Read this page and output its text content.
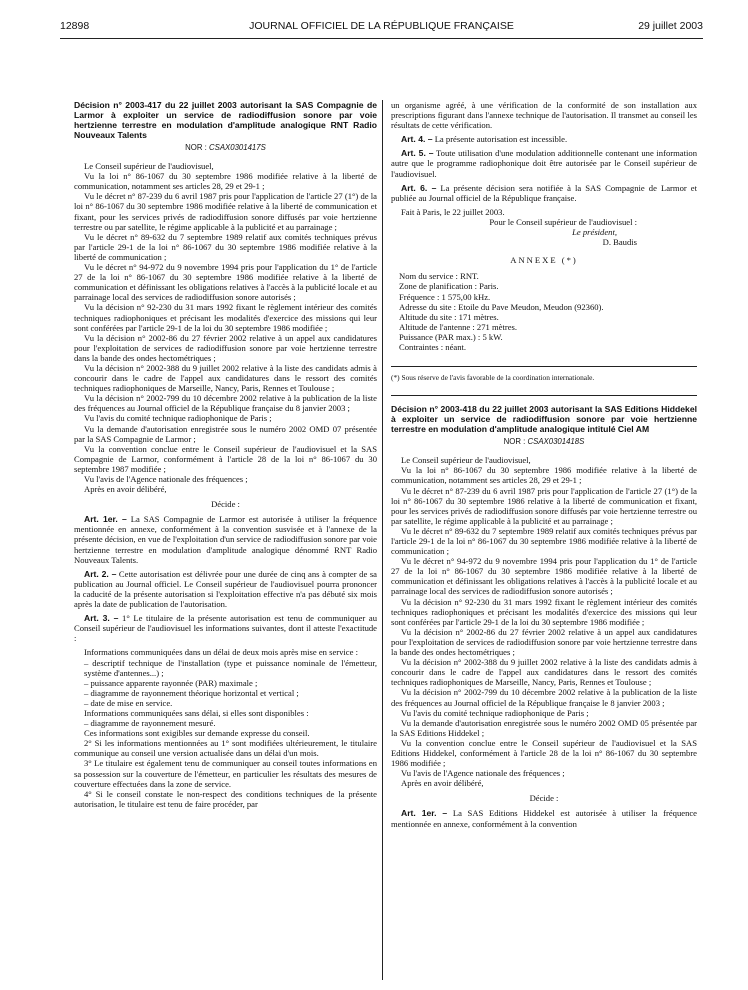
12898	JOURNAL OFFICIEL DE LA RÉPUBLIQUE FRANÇAISE	29 juillet 2003

Décision n° 2003-417 du 22 juillet 2003 autorisant la SAS Compagnie de Larmor à exploiter un service de radiodiffusion sonore par voie hertzienne terrestre en modulation d'amplitude analogique RNT Radio Nouveaux Talents

NOR : CSAX0301417S

Le Conseil supérieur de l'audiovisuel,

Vu la loi n° 86-1067 du 30 septembre 1986 modifiée relative à la liberté de communication, notamment ses articles 28, 29 et 29-1 ;

Vu le décret n° 87-239 du 6 avril 1987 pris pour l'application de l'article 27 (1°) de la loi n° 86-1067 du 30 septembre 1986 modifiée relative à la liberté de communication et fixant, pour les services privés de radiodiffusion sonore diffusés par voie hertzienne terrestre ou par satellite, le régime applicable à la publicité et au parrainage ;

Vu le décret n° 89-632 du 7 septembre 1989 relatif aux comités techniques prévus par l'article 29-1 de la loi n° 86-1067 du 30 septembre 1986 modifiée relative à la liberté de communication ;

Vu le décret n° 94-972 du 9 novembre 1994 pris pour l'application du 1° de l'article 27 de la loi n° 86-1067 du 30 septembre 1986 modifiée relative à la liberté de communication et définissant les obligations relatives à l'accès à la publicité locale et au parrainage local des services de radiodiffusion sonore autorisés ;

Vu la décision n° 92-230 du 31 mars 1992 fixant le règlement intérieur des comités techniques radiophoniques et précisant les modalités d'exercice des missions qui leur sont conférées par l'article 29-1 de la loi du 30 septembre 1986 modifiée ;

Vu la décision n° 2002-86 du 27 février 2002 relative à un appel aux candidatures pour l'exploitation de services de radiodiffusion sonore par voie hertzienne terrestre dans la bande des ondes hectométriques ;

Vu la décision n° 2002-388 du 9 juillet 2002 relative à la liste des candidats admis à concourir dans le cadre de l'appel aux candidatures dans le ressort des comités techniques radiophoniques de Marseille, Nancy, Paris, Rennes et Toulouse ;

Vu la décision n° 2002-799 du 10 décembre 2002 relative à la publication de la liste des fréquences au Journal officiel de la République française du 8 janvier 2003 ;

Vu l'avis du comité technique radiophonique de Paris ;

Vu la demande d'autorisation enregistrée sous le numéro 2002 OMD 07 présentée par la SAS Compagnie de Larmor ;

Vu la convention conclue entre le Conseil supérieur de l'audiovisuel et la SAS Compagnie de Larmor, conformément à l'article 28 de la loi n° 86-1067 du 30 septembre 1987 modifiée ;

Vu l'avis de l'Agence nationale des fréquences ;

Après en avoir délibéré,

Décide :

Art. 1er. – La SAS Compagnie de Larmor est autorisée à utiliser la fréquence mentionnée en annexe, conformément à la convention susvisée et à l'annexe de la présente décision, en vue de l'exploitation d'un service de radiodiffusion sonore par voie hertzienne terrestre en modulation d'amplitude analogique dénommé RNT Radio Nouveaux Talents.

Art. 2. – Cette autorisation est délivrée pour une durée de cinq ans à compter de sa publication au Journal officiel. Le Conseil supérieur de l'audiovisuel pourra prononcer la caducité de la présente autorisation si l'exploitation effective n'a pas débuté six mois après la date de publication de l'autorisation.

Art. 3. – 1° Le titulaire de la présente autorisation est tenu de communiquer au Conseil supérieur de l'audiovisuel les informations suivantes, dont il atteste l'exactitude :

Informations communiquées dans un délai de deux mois après mise en service :

– descriptif technique de l'installation (type et puissance nominale de l'émetteur, système d'antennes...) ;

– puissance apparente rayonnée (PAR) maximale ;

– diagramme de rayonnement théorique horizontal et vertical ;

– date de mise en service.

Informations communiquées sans délai, si elles sont disponibles :

– diagramme de rayonnement mesuré.

Ces informations sont exigibles sur demande expresse du conseil.

2° Si les informations mentionnées au 1° sont modifiées ultérieurement, le titulaire communique au conseil une version actualisée dans un délai d'un mois.

3° Le titulaire est également tenu de communiquer au conseil toutes informations en sa possession sur la couverture de l'émetteur, en particulier les résultats des mesures de couverture effectuées dans la zone de service.

4° Si le conseil constate le non-respect des conditions techniques de la présente autorisation, le titulaire est tenu de faire procéder, par

un organisme agréé, à une vérification de la conformité de son installation aux prescriptions figurant dans l'annexe technique de l'autorisation. Il transmet au conseil les résultats de cette vérification.

Art. 4. – La présente autorisation est incessible.

Art. 5. – Toute utilisation d'une modulation additionnelle contenant une information autre que le programme radiophonique doit être autorisée par le Conseil supérieur de l'audiovisuel.

Art. 6. – La présente décision sera notifiée à la SAS Compagnie de Larmor et publiée au Journal officiel de la République française.

Fait à Paris, le 22 juillet 2003.

Pour le Conseil supérieur de l'audiovisuel :

Le président,

D. Baudis

ANNEXE (*)

Nom du service : RNT.

Zone de planification : Paris.

Fréquence : 1 575,00 kHz.

Adresse du site : Etoile du Pave Meudon, Meudon (92360).

Altitude du site : 171 mètres.

Altitude de l'antenne : 271 mètres.

Puissance (PAR max.) : 5 kW.

Contraintes : néant.

(*) Sous réserve de l'avis favorable de la coordination internationale.

Décision n° 2003-418 du 22 juillet 2003 autorisant la SAS Editions Hiddekel à exploiter un service de radiodiffusion sonore par voie hertzienne terrestre en modulation d'amplitude analogique intitulé Ciel AM

NOR : CSAX0301418S

Le Conseil supérieur de l'audiovisuel,

Vu la loi n° 86-1067 du 30 septembre 1986 modifiée relative à la liberté de communication, notamment ses articles 28, 29 et 29-1 ;

Vu le décret n° 87-239 du 6 avril 1987 pris pour l'application de l'article 27 (1°) de la loi n° 86-1067 du 30 septembre 1986 relative à la liberté de communication et fixant, pour les services privés de radiodiffusion sonore diffusés par voie hertzienne terrestre ou par satellite, le régime applicable à la publicité et au parrainage ;

Vu le décret n° 89-632 du 7 septembre 1989 relatif aux comités techniques prévus par l'article 29-1 de la loi n° 86-1067 du 30 septembre 1986 modifiée relative à la liberté de communication ;

Vu le décret n° 94-972 du 9 novembre 1994 pris pour l'application du 1° de l'article 27 de la loi n° 86-1067 du 30 septembre 1986 modifiée relative à la liberté de communication et définissant les obligations relatives à l'accès à la publicité locale et au parrainage local des services de radiodiffusion sonore autorisés ;

Vu la décision n° 92-230 du 31 mars 1992 fixant le règlement intérieur des comités techniques radiophoniques et précisant les modalités d'exercice des missions qui leur sont conférées par l'article 29-1 de la loi du 30 septembre 1986 modifiée ;

Vu la décision n° 2002-86 du 27 février 2002 relative à un appel aux candidatures pour l'exploitation de services de radiodiffusion sonore par voie hertzienne terrestre dans la bande des ondes hectométriques ;

Vu la décision n° 2002-388 du 9 juillet 2002 relative à la liste des candidats admis à concourir dans le cadre de l'appel aux candidatures dans le ressort des comités techniques radiophoniques de Marseille, Nancy, Paris, Rennes et Toulouse ;

Vu la décision n° 2002-799 du 10 décembre 2002 relative à la publication de la liste des fréquences au Journal officiel de la République française le 8 janvier 2003 ;

Vu l'avis du comité technique radiophonique de Paris ;

Vu la demande d'autorisation enregistrée sous le numéro 2002 OMD 05 présentée par la SAS Editions Hiddekel ;

Vu la convention conclue entre le Conseil supérieur de l'audiovisuel et la SAS Editions Hiddekel, conformément à l'article 28 de la loi n° 86-1067 du 30 septembre 1986 modifiée ;

Vu l'avis de l'Agence nationale des fréquences ;

Après en avoir délibéré,

Décide :

Art. 1er. – La SAS Editions Hiddekel est autorisée à utiliser la fréquence mentionnée en annexe, conformément à la convention
